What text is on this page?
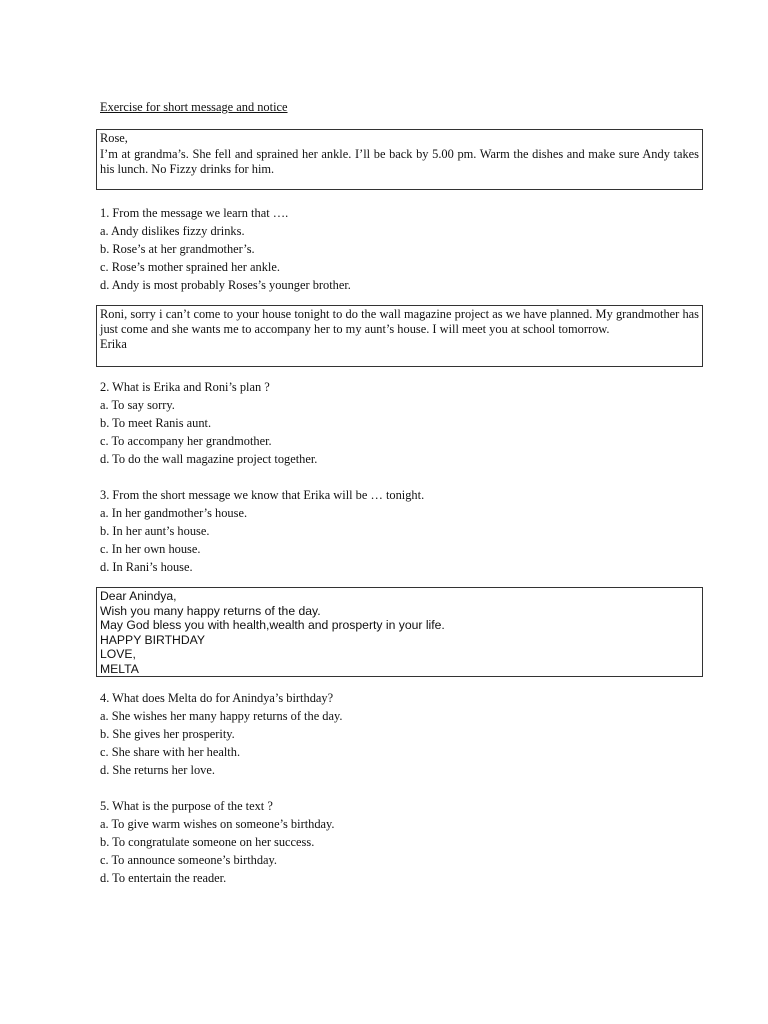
Exercise for short message and notice
Rose,
I’m at grandma’s. She fell and sprained her ankle. I’ll be back by 5.00 pm. Warm the dishes and make sure Andy takes his lunch. No Fizzy drinks for him.
1. From the message we learn that ….
a. Andy dislikes fizzy drinks.
b. Rose’s at her grandmother’s.
c. Rose’s mother sprained her ankle.
d. Andy is most probably Roses’s younger brother.
Roni, sorry i can’t come to your house tonight to do the wall magazine project as we have planned. My grandmother has just come and she wants me to accompany her to my aunt’s house. I will meet you at school tomorrow.
Erika
2. What is Erika and Roni’s plan ?
a. To say sorry.
b. To meet Ranis aunt.
c. To accompany her grandmother.
d. To do the wall magazine project together.
3. From the short message we know that Erika will be … tonight.
a. In her gandmother’s house.
b. In her aunt’s house.
c. In her own house.
d. In Rani’s house.
Dear Anindya,
Wish you many happy returns of the day.
May God bless you with health,wealth and prosperty in your life.
HAPPY BIRTHDAY
LOVE,
MELTA
4. What does Melta do for Anindya’s birthday?
a. She wishes her many happy returns of the day.
b. She gives her prosperity.
c. She share with her health.
d. She returns her love.
5. What is the purpose of the text ?
a. To give warm wishes on someone’s birthday.
b. To congratulate someone on her success.
c. To announce someone’s birthday.
d. To entertain the reader.
